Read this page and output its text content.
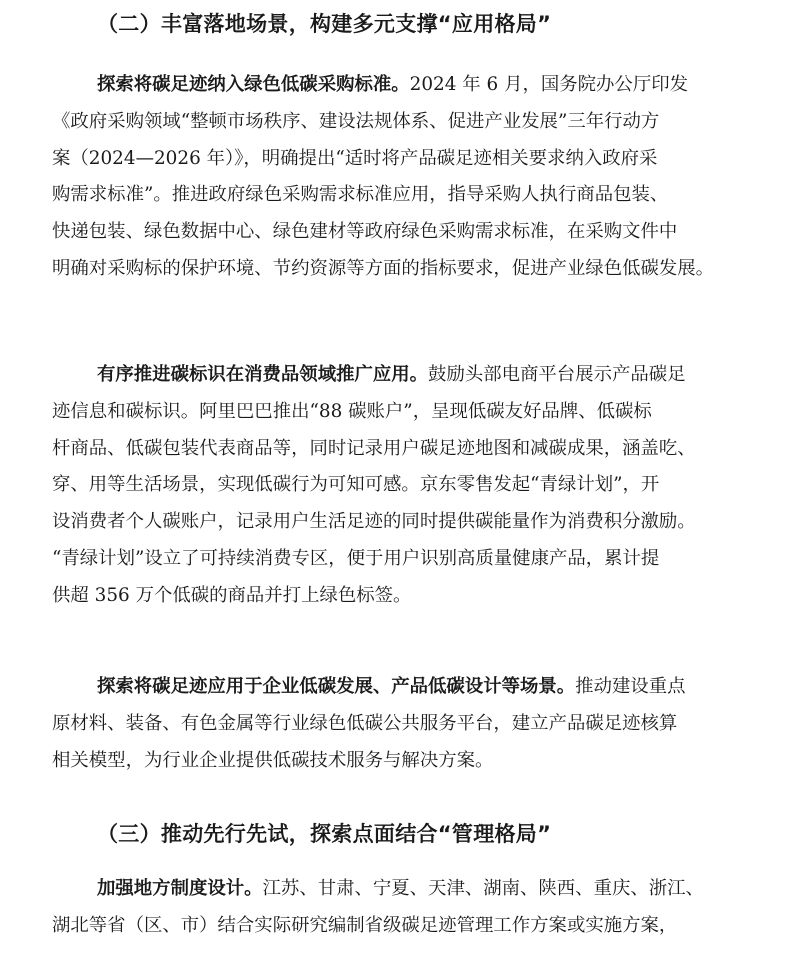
（二）丰富落地场景，构建多元支撑“应用格局”
探索将碳足迹纳入绿色低碳采购标准。2024 年 6 月，国务院办公厅印发
《政府采购领域“整顿市场秩序、建设法规体系、促进产业发展”三年行动方
案（2024—2026 年）》，明确提出“适时将产品碳足迹相关要求纳入政府采
购需求标准”。推进政府绿色采购需求标准应用，指导采购人执行商品包装、
快递包装、绿色数据中心、绿色建材等政府绿色采购需求标准，在采购文件中
明确对采购标的保护环境、节约资源等方面的指标要求，促进产业绿色低碳发展。
有序推进碳标识在消费品领域推广应用。鼓励头部电商平台展示产品碳足
迹信息和碳标识。阿里巴巴推出“88 碳账户”，呈现低碳友好品牌、低碳标
杆商品、低碳包装代表商品等，同时记录用户碳足迹地图和减碳成果，涵盖吃、
穿、用等生活场景，实现低碳行为可知可感。京东零售发起“青绿计划”，开
设消费者个人碳账户，记录用户生活足迹的同时提供碳能量作为消费积分激励。
“青绿计划”设立了可持续消费专区，便于用户识别高质量健康产品，累计提
供超 356 万个低碳的商品并打上绿色标签。
探索将碳足迹应用于企业低碳发展、产品低碳设计等场景。推动建设重点
原材料、装备、有色金属等行业绿色低碳公共服务平台，建立产品碳足迹核算
相关模型，为行业企业提供低碳技术服务与解决方案。
（三）推动先行先试，探索点面结合“管理格局”
加强地方制度设计。江苏、甘肃、宁夏、天津、湖南、陕西、重庆、浙江、
湖北等省（区、市）结合实际研究编制省级碳足迹管理工作方案或实施方案，
